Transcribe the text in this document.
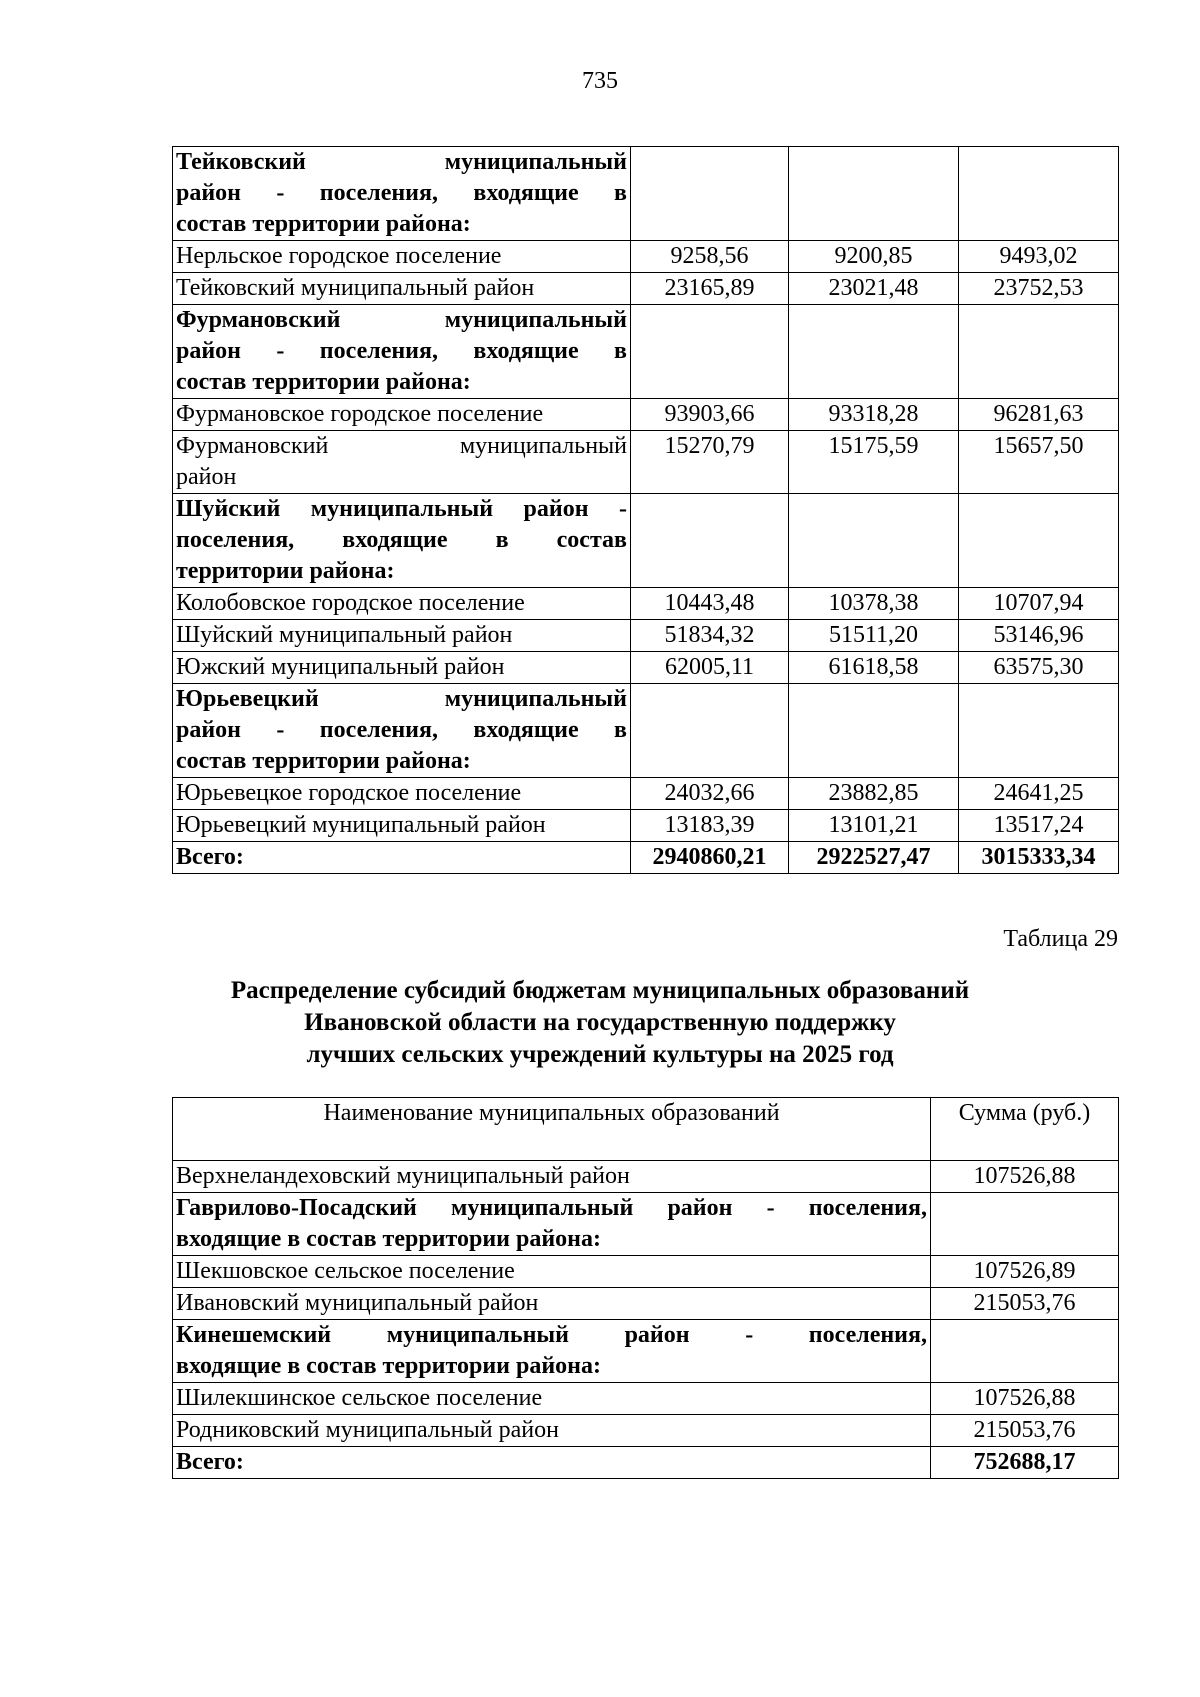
735
Тейковский муниципальный
район - поселения, входящие в
состав территории района:			

Нерльское городское поселение	9258,56	9200,85	9493,02
Тейковский муниципальный район	23165,89	23021,48	23752,53

Фурмановский муниципальный
район - поселения, входящие в
состав территории района:			

Фурмановское городское поселение	93903,66	93318,28	96281,63

Фурмановский муниципальный
район	15270,79	15175,59	15657,50

Шуйский муниципальный район -
поселения, входящие в состав
территории района:			

Колобовское городское поселение	10443,48	10378,38	10707,94
Шуйский муниципальный район	51834,32	51511,20	53146,96
Южский муниципальный район	62005,11	61618,58	63575,30

Юрьевецкий муниципальный
район - поселения, входящие в
состав территории района:			

Юрьевецкое городское поселение	24032,66	23882,85	24641,25
Юрьевецкий муниципальный район	13183,39	13101,21	13517,24
Всего:	2940860,21	2922527,47	3015333,34
Таблица 29
Распределение субсидий бюджетам муниципальных образований
Ивановской области на государственную поддержку
лучших сельских учреждений культуры на 2025 год
Наименование муниципальных образований	Сумма (руб.)
Верхнеландеховский муниципальный район	107526,88

Гаврилово-Посадский муниципальный район - поселения,
входящие в состав территории района:	

Шекшовское сельское поселение	107526,89
Ивановский муниципальный район	215053,76

Кинешемский муниципальный район - поселения,
входящие в состав территории района:	

Шилекшинское сельское поселение	107526,88
Родниковский муниципальный район	215053,76
Всего:	752688,17
